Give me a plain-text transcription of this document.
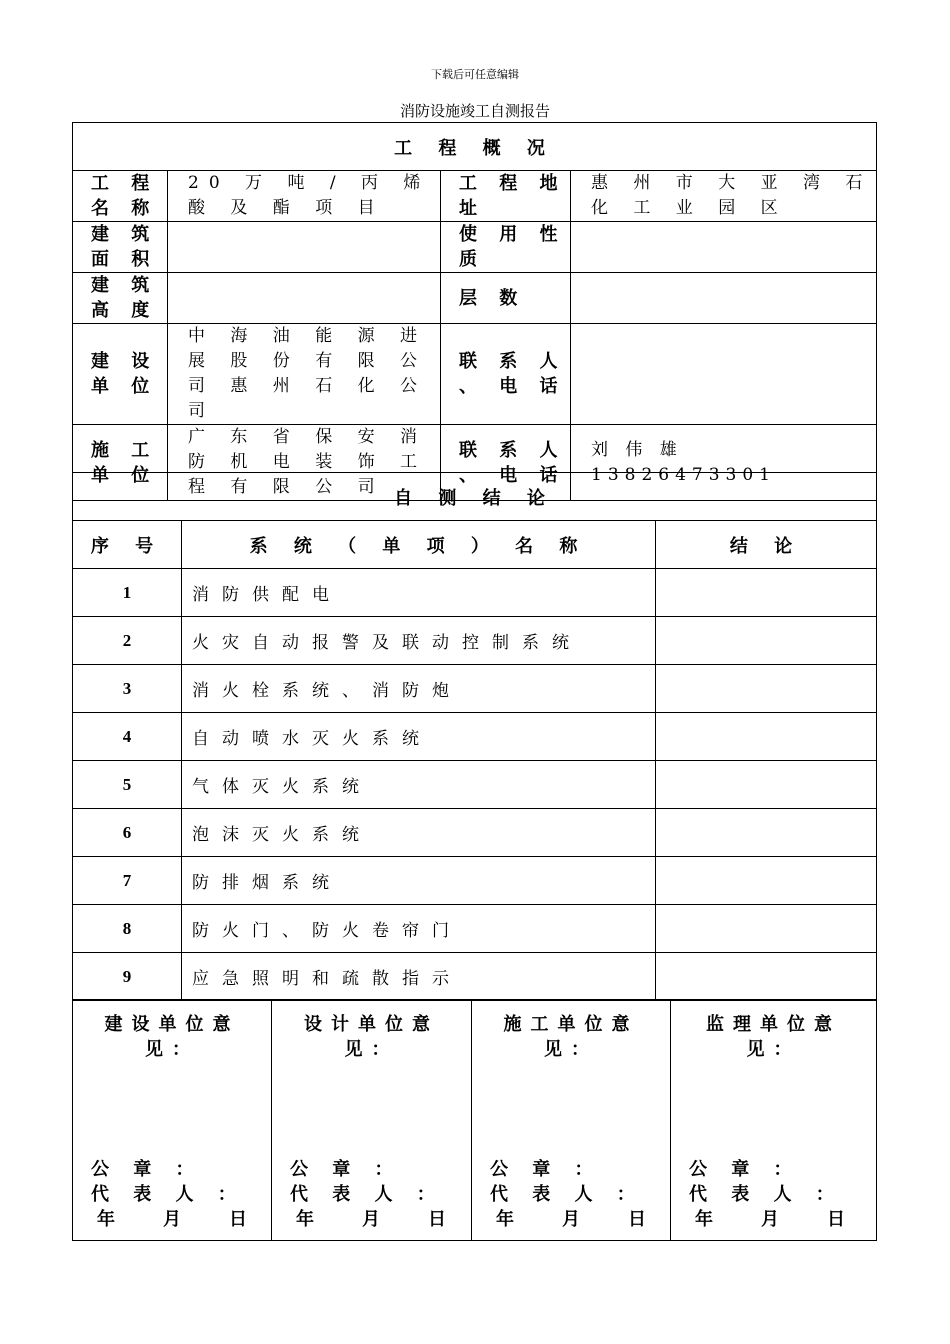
下载后可任意编辑
消防设施竣工自测报告
工 程 概 况			
工 程 名 称	20 万 吨 / 丙 烯 酸 及 酯 项 目	工 程 地 址	惠 州 市 大 亚 湾 石 化 工 业 园 区
建 筑 面 积		使 用 性 质	
建 筑 高 度		层 数	
建 设 单 位	中 海 油 能 源 进 展 股 份 有 限 公 司 惠 州 石 化 公 司	联 系 人 、 电 话	
施 工 单 位	广 东 省 保 安 消 防 机 电 装 饰 工 程 有 限 公 司	联 系 人 、 电 话	刘 伟 雄 13826473301
自 测 结 论		
序 号	系 统 （ 单 项 ） 名 称	结 论
1	消防供配电	
2	火灾自动报警及联动控制系统	
3	消火栓系统、消防炮	
4	自动喷水灭火系统	
5	气体灭火系统	
6	泡沫灭火系统	
7	防排烟系统	
8	防火门、防火卷帘门	
9	应急照明和疏散指示	
建设单位意见：
公 章 ：
代 表 人 ：
年	月	日

设计单位意见：
公 章 ：
代 表 人 ：
年	月	日

施工单位意见：
公 章 ：
代 表 人 ：
年	月	日

监理单位意见：
公 章 ：
代 表 人 ：
年	月	日
